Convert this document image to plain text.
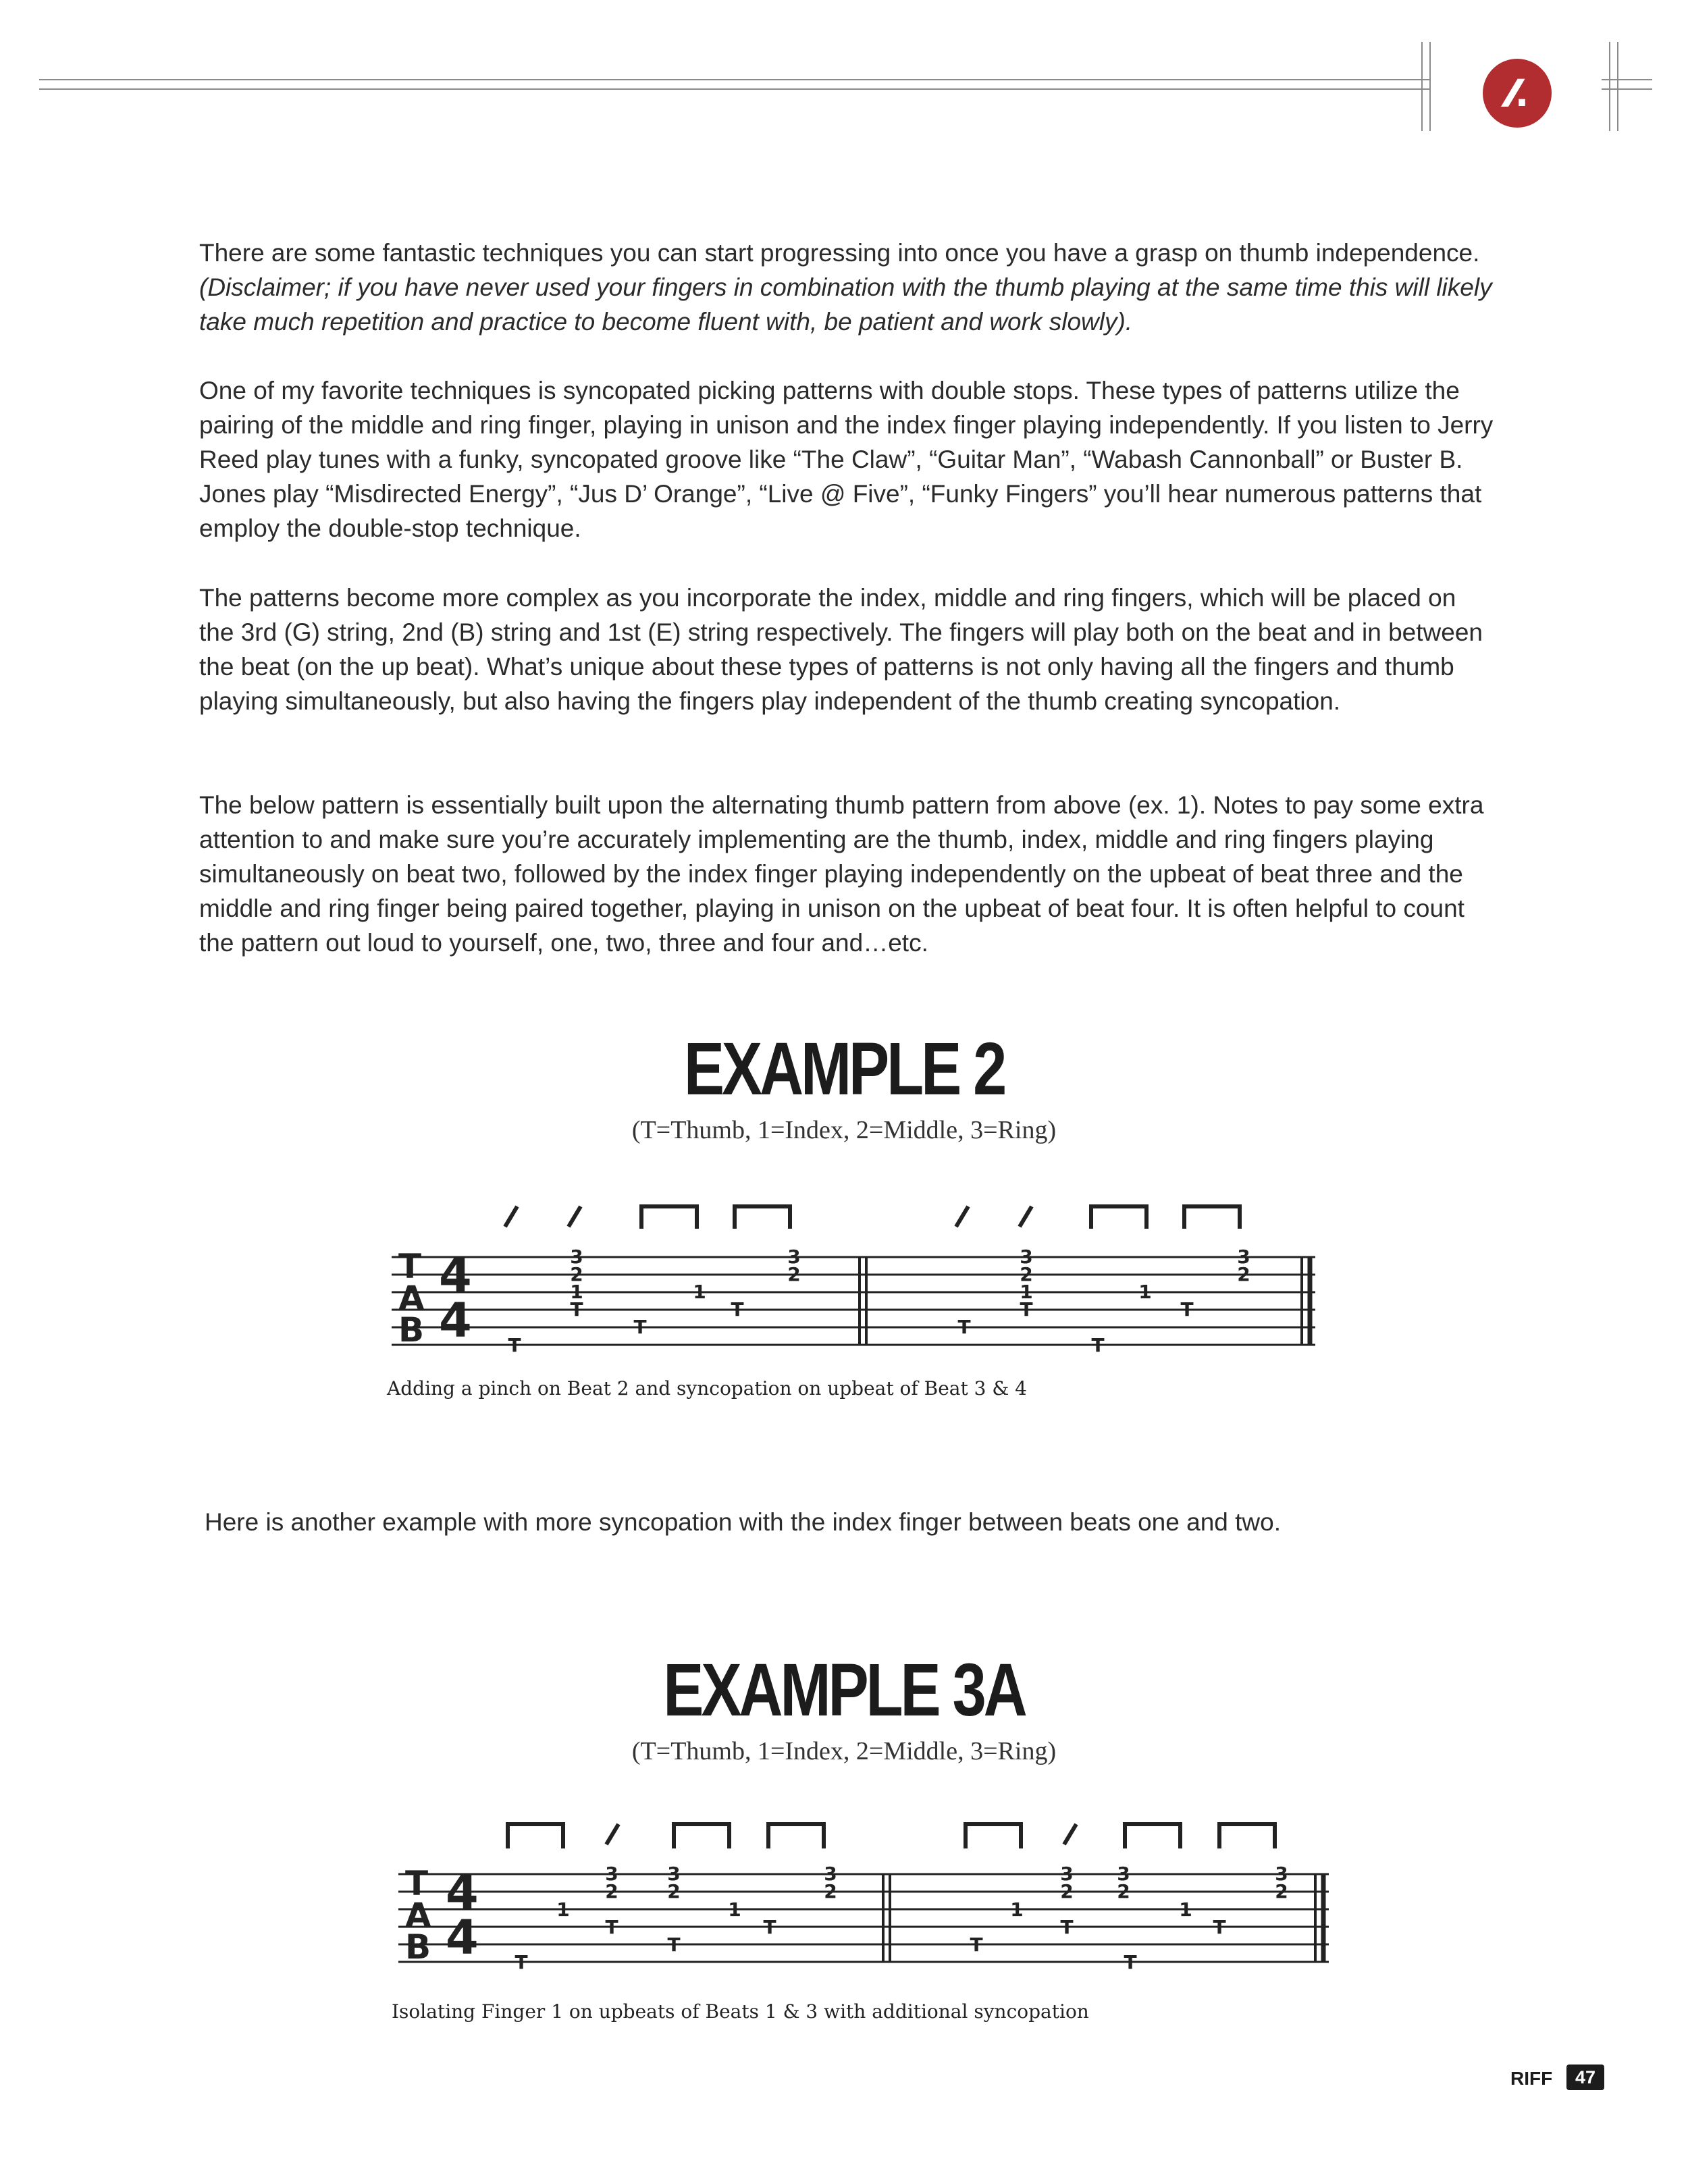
⁄⁄.
There are some fantastic techniques you can start progressing into once you have a grasp on thumb independence. (Disclaimer; if you have never used your fingers in combination with the thumb playing at the same time this will likely take much repetition and practice to become fluent with, be patient and work slowly).
One of my favorite techniques is syncopated picking patterns with double stops. These types of patterns utilize the pairing of the middle and ring finger, playing in unison and the index finger playing independently. If you listen to Jerry Reed play tunes with a funky, syncopated groove like “The Claw”, “Guitar Man”, “Wabash Cannonball” or Buster B. Jones play “Misdirected Energy”, “Jus D’ Orange”, “Live @ Five”, “Funky Fingers” you’ll hear numerous patterns that employ the double-stop technique.
The patterns become more complex as you incorporate the index, middle and ring fingers, which will be placed on the 3rd (G) string, 2nd (B) string and 1st (E) string respectively. The fingers will play both on the beat and in between the beat (on the up beat). What’s unique about these types of patterns is not only having all the fingers and thumb playing simultaneously, but also having the fingers play independent of the thumb creating syncopation.
The below pattern is essentially built upon the alternating thumb pattern from above (ex. 1). Notes to pay some extra attention to and make sure you’re accurately implementing are the thumb, index, middle and ring fingers playing simultaneously on beat two, followed by the index finger playing independently on the upbeat of beat three and the middle and ring finger being paired together, playing in unison on the upbeat of beat four. It is often helpful to count the pattern out loud to yourself, one, two, three and four and…etc.
EXAMPLE 2
(T=Thumb, 1=Index, 2=Middle, 3=Ring)
T
A
B
4
4 T
3
2
1
T
T
1
T
3
2
T
3
2
1
T
T
1
T
3
2
Adding a pinch on Beat 2 and syncopation on upbeat of Beat 3 & 4
Here is another example with more syncopation with the index finger between beats one and two.
EXAMPLE 3A
(T=Thumb, 1=Index, 2=Middle, 3=Ring)
T
A
B
4
4 T
1
3
2
T
3
2
T
1
T
3
2
T
1
3
2
T
3
2
T
1
T
3
2
Isolating Finger 1 on upbeats of Beats 1 & 3 with additional syncopation
RIFF	47
